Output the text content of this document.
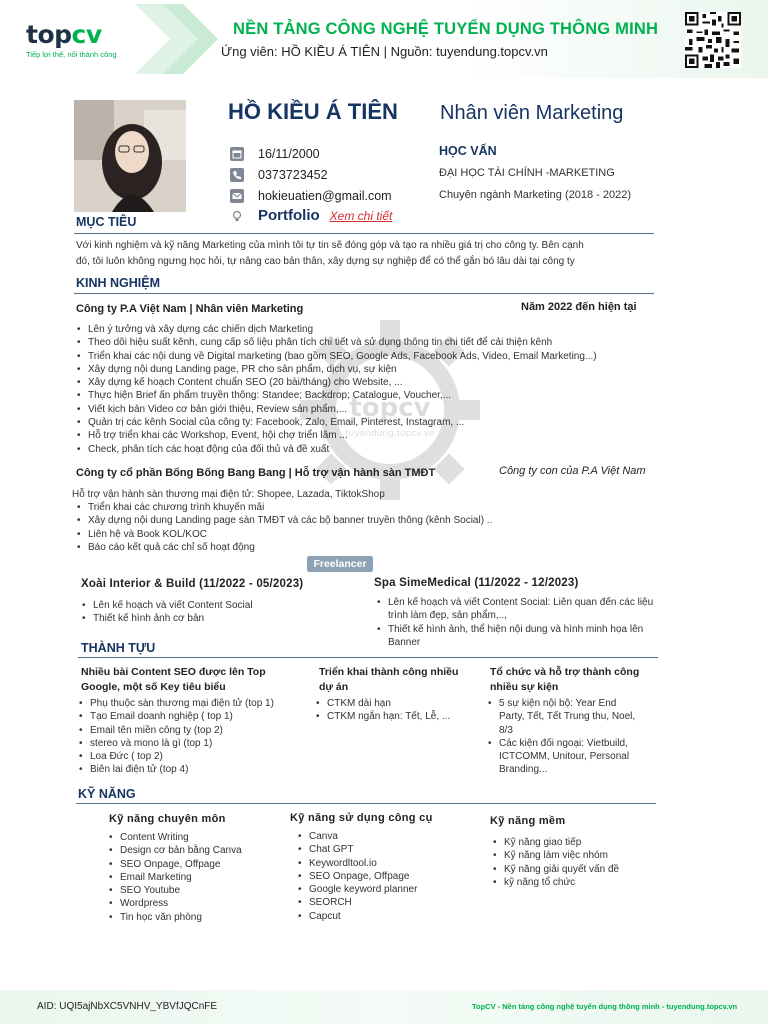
topcv
Tiếp lợi thế, nối thành công
NỀN TẢNG CÔNG NGHỆ TUYỂN DỤNG THÔNG MINH
Ứng viên: HỒ KIỀU Á TIÊN | Nguồn: tuyendung.topcv.vn
topcv
tuyendung.topcv.vn
HỒ KIỀU Á TIÊN Nhân viên Marketing
16/11/2000
0373723452
hokieuatien@gmail.com
Portfolio Xem chi tiết
HỌC VẤN
ĐẠI HỌC TÀI CHÍNH -MARKETING
Chuyên ngành Marketing (2018 - 2022)
MỤC TIÊU
Với kinh nghiệm và kỹ năng Marketing của mình tôi tự tin sẽ đóng góp và tạo ra nhiều giá trị cho công ty. Bên cạnh
đó, tôi luôn không ngưng học hỏi, tự nâng cao bản thân, xây dựng sự nghiệp để có thể gắn bó lâu dài tại công ty
KINH NGHIỆM
Công ty P.A Việt Nam | Nhân viên Marketing	Năm 2022 đến hiện tại
• Lên ý tưởng và xây dựng các chiến dịch Marketing
• Theo dõi hiệu suất kênh, cung cấp số liệu phân tích chi tiết và sử dụng thông tin chi tiết để cải thiện kênh
• Triển khai các nội dung về Digital marketing (bao gồm SEO, Google Ads, Facebook Ads, Video, Email Marketing...)
• Xây dựng nội dung Landing page, PR cho sản phẩm, dịch vụ, sự kiện
• Xây dựng kế hoạch Content chuẩn SEO (20 bài/tháng) cho Website, ...
• Thực hiện Brief ấn phẩm truyền thông: Standee; Backdrop; Catalogue, Voucher,...
• Viết kịch bản Video cơ bản giới thiệu, Review sản phẩm,...
• Quản trị các kênh Social của công ty: Facebook, Zalo, Email, Pinterest, Instagram, ...
• Hỗ trợ triển khai các Workshop, Event, hội chợ triển lãm ...
• Check, phân tích các hoạt động của đối thủ và đề xuất
Công ty cổ phần Bống Bống Bang Bang | Hỗ trợ vận hành sàn TMĐT	Công ty con của P.A Việt Nam
Hỗ trợ vận hành sàn thương mại điện tử: Shopee, Lazada, TiktokShop
• Triển khai các chương trình khuyến mãi
• Xây dựng nội dung Landing page sàn TMĐT và các bộ banner truyền thông (kênh Social) ..
• Liên hệ và Book KOL/KOC
• Báo cáo kết quả các chỉ số hoạt động
Freelancer
Xoài Interior & Build (11/2022 - 05/2023)
• Lên kế hoạch và viết Content Social
• Thiết kế hình ảnh cơ bản
Spa SimeMedical (11/2022 - 12/2023)
• Lên kế hoạch và viết Content Social: Liên quan đến các liệu trình làm đẹp, sản phẩm,..,
• Thiết kế hình ảnh, thể hiện nội dung và hình minh họa lên Banner
THÀNH TỰU
Nhiều bài Content SEO được lên Top Google, một số Key tiêu biểu
• Phụ thuộc sàn thương mại điện tử (top 1)
• Tạo Email doanh nghiệp ( top 1)
• Email tên miền công ty (top 2)
• stereo và mono là gì (top 1)
• Loa Đức ( top 2)
• Biên lai điện tử (top 4)
Triển khai thành công nhiều dự án
• CTKM dài hạn
• CTKM ngắn hạn: Tết, Lễ, ...
Tổ chức và hỗ trợ thành công nhiều sự kiện
• 5 sự kiện nội bộ: Year End Party, Tết, Tết Trung thu, Noel, 8/3
• Các kiện đối ngoại: Vietbuild, ICTCOMM, Unitour, Personal Branding...
KỸ NĂNG
Kỹ năng chuyên môn
• Content Writing
• Design cơ bản bằng Canva
• SEO Onpage, Offpage
• Email Marketing
• SEO Youtube
• Wordpress
• Tin học văn phòng
Kỹ năng sử dụng công cụ
• Canva
• Chat GPT
• Keywordltool.io
• SEO Onpage, Offpage
• Google keyword planner
• SEORCH
• Capcut
Kỹ năng mềm
• Kỹ năng giao tiếp
• Kỹ năng làm việc nhóm
• Kỹ năng giải quyết vấn đề
• kỹ năng tổ chức
AID: UQI5ajNbXC5VNHV_YBVfJQCnFE	TopCV - Nền tảng công nghệ tuyển dụng thông minh - tuyendung.topcv.vn
